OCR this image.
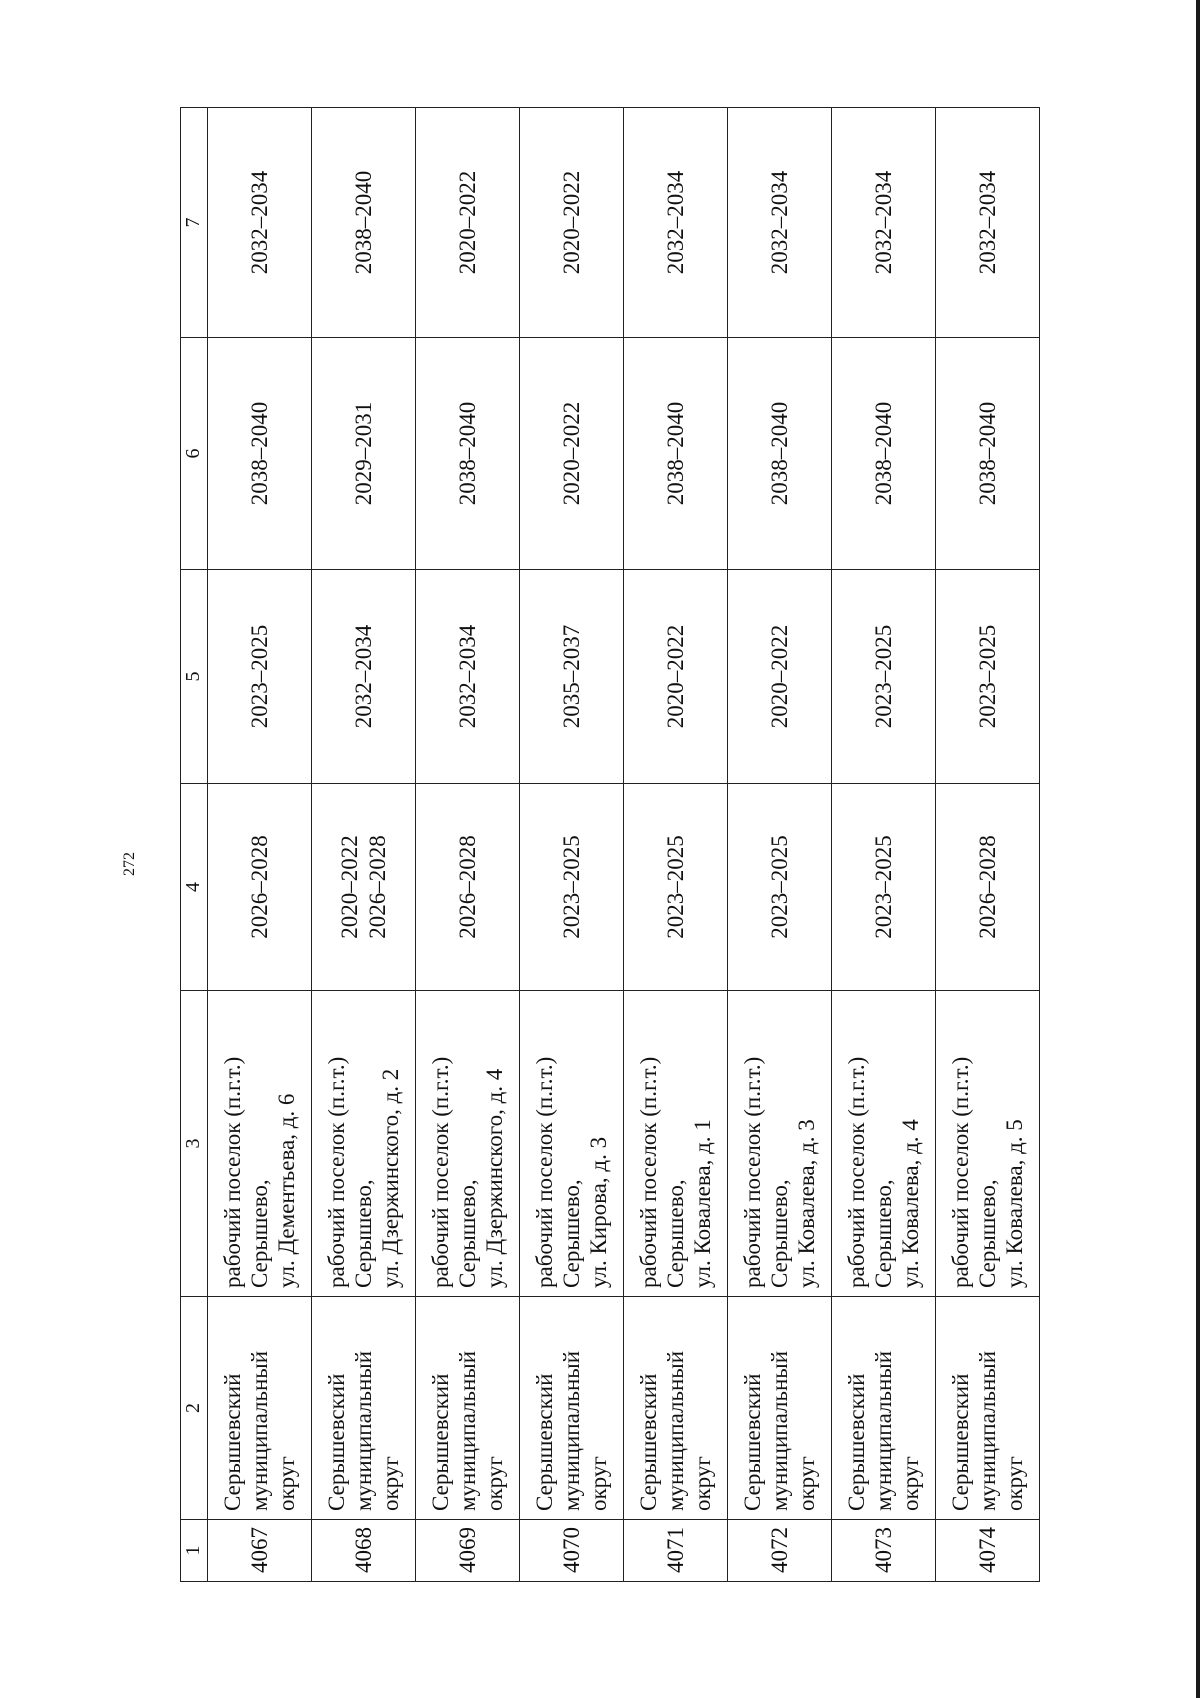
272
1	2	3	4	5	6	7
4067	Серышевский муниципальный округ	рабочий поселок (п.г.т.) Серышево, ул. Дементьева, д. 6	2026–2028	2023–2025	2038–2040	2032–2034
4068	Серышевский муниципальный округ	рабочий поселок (п.г.т.) Серышево, ул. Дзержинского, д. 2	2020–2022 2026–2028	2032–2034	2029–2031	2038–2040
4069	Серышевский муниципальный округ	рабочий поселок (п.г.т.) Серышево, ул. Дзержинского, д. 4	2026–2028	2032–2034	2038–2040	2020–2022
4070	Серышевский муниципальный округ	рабочий поселок (п.г.т.) Серышево, ул. Кирова, д. 3	2023–2025	2035–2037	2020–2022	2020–2022
4071	Серышевский муниципальный округ	рабочий поселок (п.г.т.) Серышево, ул. Ковалева, д. 1	2023–2025	2020–2022	2038–2040	2032–2034
4072	Серышевский муниципальный округ	рабочий поселок (п.г.т.) Серышево, ул. Ковалева, д. 3	2023–2025	2020–2022	2038–2040	2032–2034
4073	Серышевский муниципальный округ	рабочий поселок (п.г.т.) Серышево, ул. Ковалева, д. 4	2023–2025	2023–2025	2038–2040	2032–2034
4074	Серышевский муниципальный округ	рабочий поселок (п.г.т.) Серышево, ул. Ковалева, д. 5	2026–2028	2023–2025	2038–2040	2032–2034
